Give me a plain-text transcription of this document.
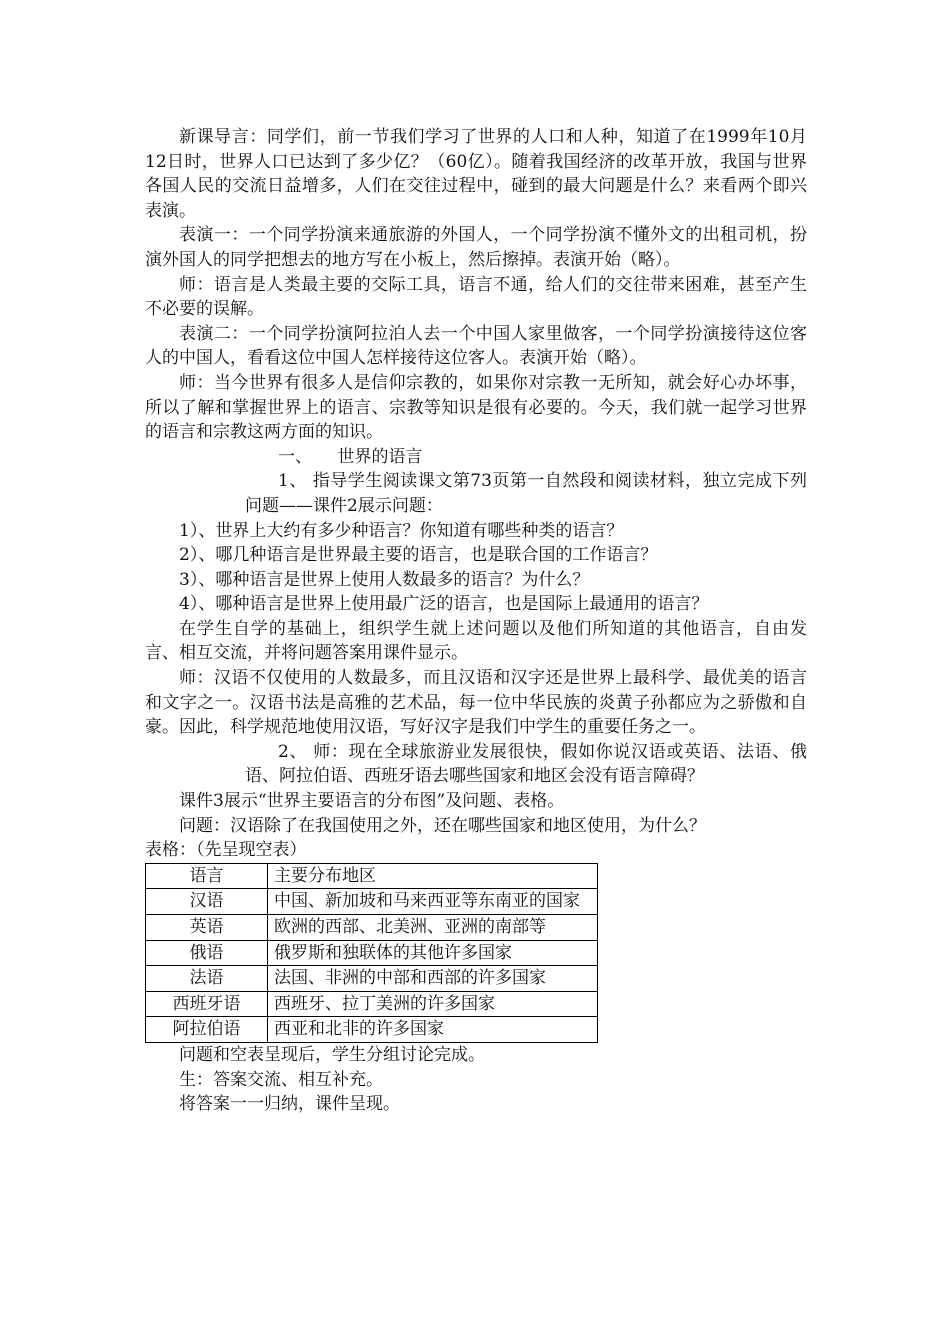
新课导言：同学们，前一节我们学习了世界的人口和人种，知道了在1999年10月12日时，世界人口已达到了多少亿？（60亿）。随着我国经济的改革开放，我国与世界各国人民的交流日益增多，人们在交往过程中，碰到的最大问题是什么？来看两个即兴表演。

表演一：一个同学扮演来通旅游的外国人，一个同学扮演不懂外文的出租司机，扮演外国人的同学把想去的地方写在小板上，然后擦掉。表演开始（略）。

师：语言是人类最主要的交际工具，语言不通，给人们的交往带来困难，甚至产生不必要的误解。

表演二：一个同学扮演阿拉泊人去一个中国人家里做客，一个同学扮演接待这位客人的中国人，看看这位中国人怎样接待这位客人。表演开始（略）。

师：当今世界有很多人是信仰宗教的，如果你对宗教一无所知，就会好心办坏事，所以了解和掌握世界上的语言、宗教等知识是很有必要的。今天，我们就一起学习世界的语言和宗教这两方面的知识。

一、　　世界的语言

1、 指导学生阅读课文第73页第一自然段和阅读材料，独立完成下列问题——课件2展示问题：

1）、世界上大约有多少种语言？你知道有哪些种类的语言？

2）、哪几种语言是世界最主要的语言，也是联合国的工作语言？

3）、哪种语言是世界上使用人数最多的语言？为什么？

4）、哪种语言是世界上使用最广泛的语言，也是国际上最通用的语言？

在学生自学的基础上，组织学生就上述问题以及他们所知道的其他语言，自由发言、相互交流，并将问题答案用课件显示。

师：汉语不仅使用的人数最多，而且汉语和汉字还是世界上最科学、最优美的语言和文字之一。汉语书法是高雅的艺术品，每一位中华民族的炎黄子孙都应为之骄傲和自豪。因此，科学规范地使用汉语，写好汉字是我们中学生的重要任务之一。

2、 师：现在全球旅游业发展很快，假如你说汉语或英语、法语、俄语、阿拉伯语、西班牙语去哪些国家和地区会没有语言障碍？

课件3展示“世界主要语言的分布图”及问题、表格。

问题：汉语除了在我国使用之外，还在哪些国家和地区使用，为什么？

表格：（先呈现空表）

语言	主要分布地区
汉语	中国、新加坡和马来西亚等东南亚的国家
英语	欧洲的西部、北美洲、亚洲的南部等
俄语	俄罗斯和独联体的其他许多国家
法语	法国、非洲的中部和西部的许多国家
西班牙语	西班牙、拉丁美洲的许多国家
阿拉伯语	西亚和北非的许多国家

问题和空表呈现后，学生分组讨论完成。

生：答案交流、相互补充。

将答案一一归纳，课件呈现。
